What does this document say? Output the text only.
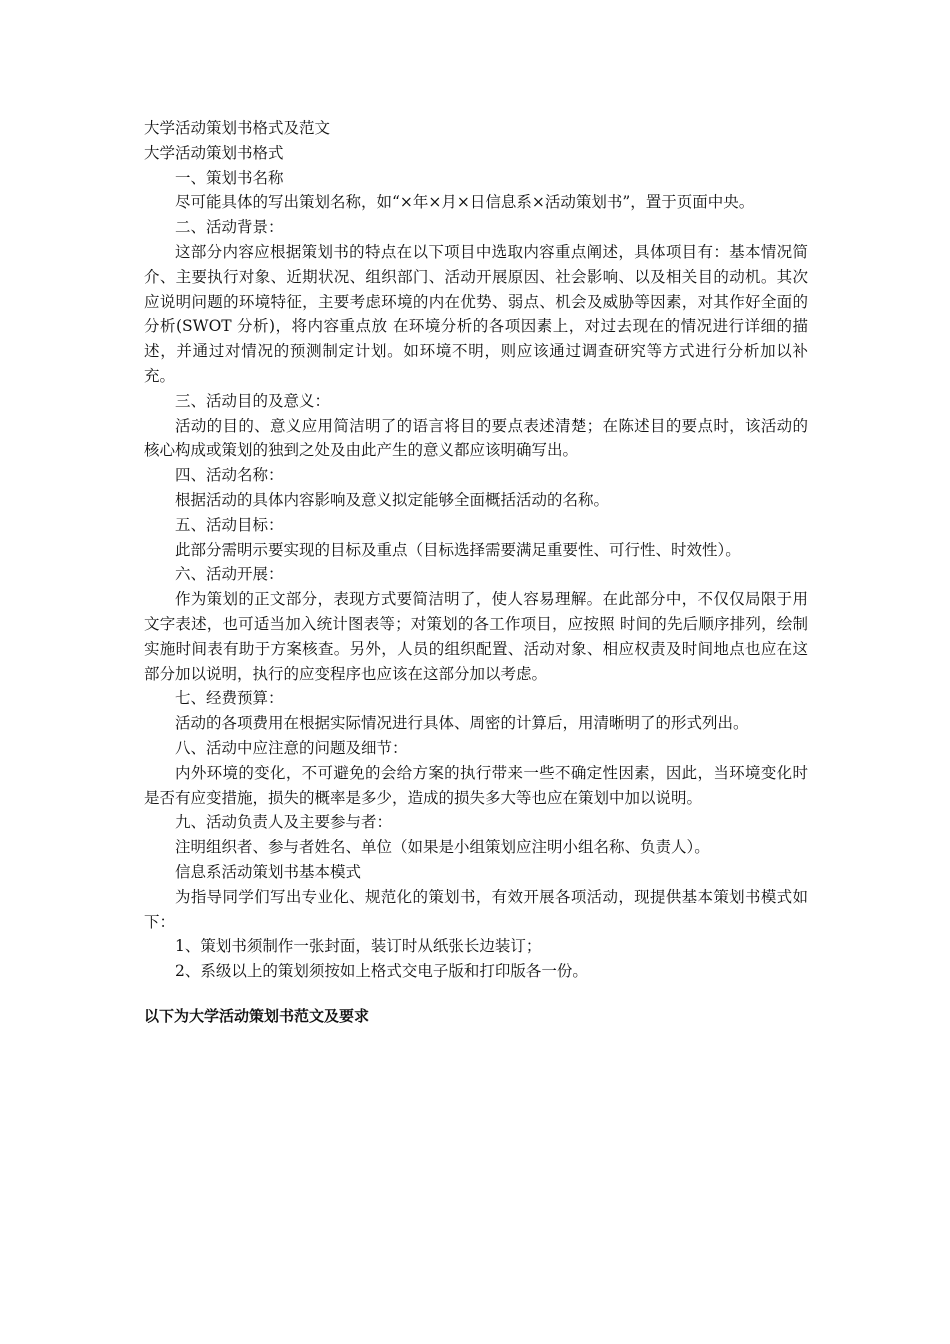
大学活动策划书格式及范文

大学活动策划书格式

一、策划书名称

尽可能具体的写出策划名称，如“×年×月×日信息系×活动策划书”，置于页面中央。

二、活动背景：

这部分内容应根据策划书的特点在以下项目中选取内容重点阐述，具体项目有：基本情况简介、主要执行对象、近期状况、组织部门、活动开展原因、社会影响、以及相关目的动机。其次应说明问题的环境特征，主要考虑环境的内在优势、弱点、机会及威胁等因素，对其作好全面的分析(SWOT 分析)，将内容重点放 在环境分析的各项因素上，对过去现在的情况进行详细的描述，并通过对情况的预测制定计划。如环境不明，则应该通过调查研究等方式进行分析加以补充。

三、活动目的及意义：

活动的目的、意义应用简洁明了的语言将目的要点表述清楚；在陈述目的要点时，该活动的核心构成或策划的独到之处及由此产生的意义都应该明确写出。

四、活动名称：

根据活动的具体内容影响及意义拟定能够全面概括活动的名称。

五、活动目标：

此部分需明示要实现的目标及重点（目标选择需要满足重要性、可行性、时效性）。

六、活动开展：

作为策划的正文部分，表现方式要简洁明了，使人容易理解。在此部分中，不仅仅局限于用文字表述，也可适当加入统计图表等；对策划的各工作项目，应按照 时间的先后顺序排列，绘制实施时间表有助于方案核查。另外，人员的组织配置、活动对象、相应权责及时间地点也应在这部分加以说明，执行的应变程序也应该在这部分加以考虑。

七、经费预算：

活动的各项费用在根据实际情况进行具体、周密的计算后，用清晰明了的形式列出。

八、活动中应注意的问题及细节：

内外环境的变化，不可避免的会给方案的执行带来一些不确定性因素，因此，当环境变化时是否有应变措施，损失的概率是多少，造成的损失多大等也应在策划中加以说明。

九、活动负责人及主要参与者：

注明组织者、参与者姓名、单位（如果是小组策划应注明小组名称、负责人）。

信息系活动策划书基本模式

为指导同学们写出专业化、规范化的策划书，有效开展各项活动，现提供基本策划书模式如下：

1、策划书须制作一张封面，装订时从纸张长边装订；

2、系级以上的策划须按如上格式交电子版和打印版各一份。

以下为大学活动策划书范文及要求
